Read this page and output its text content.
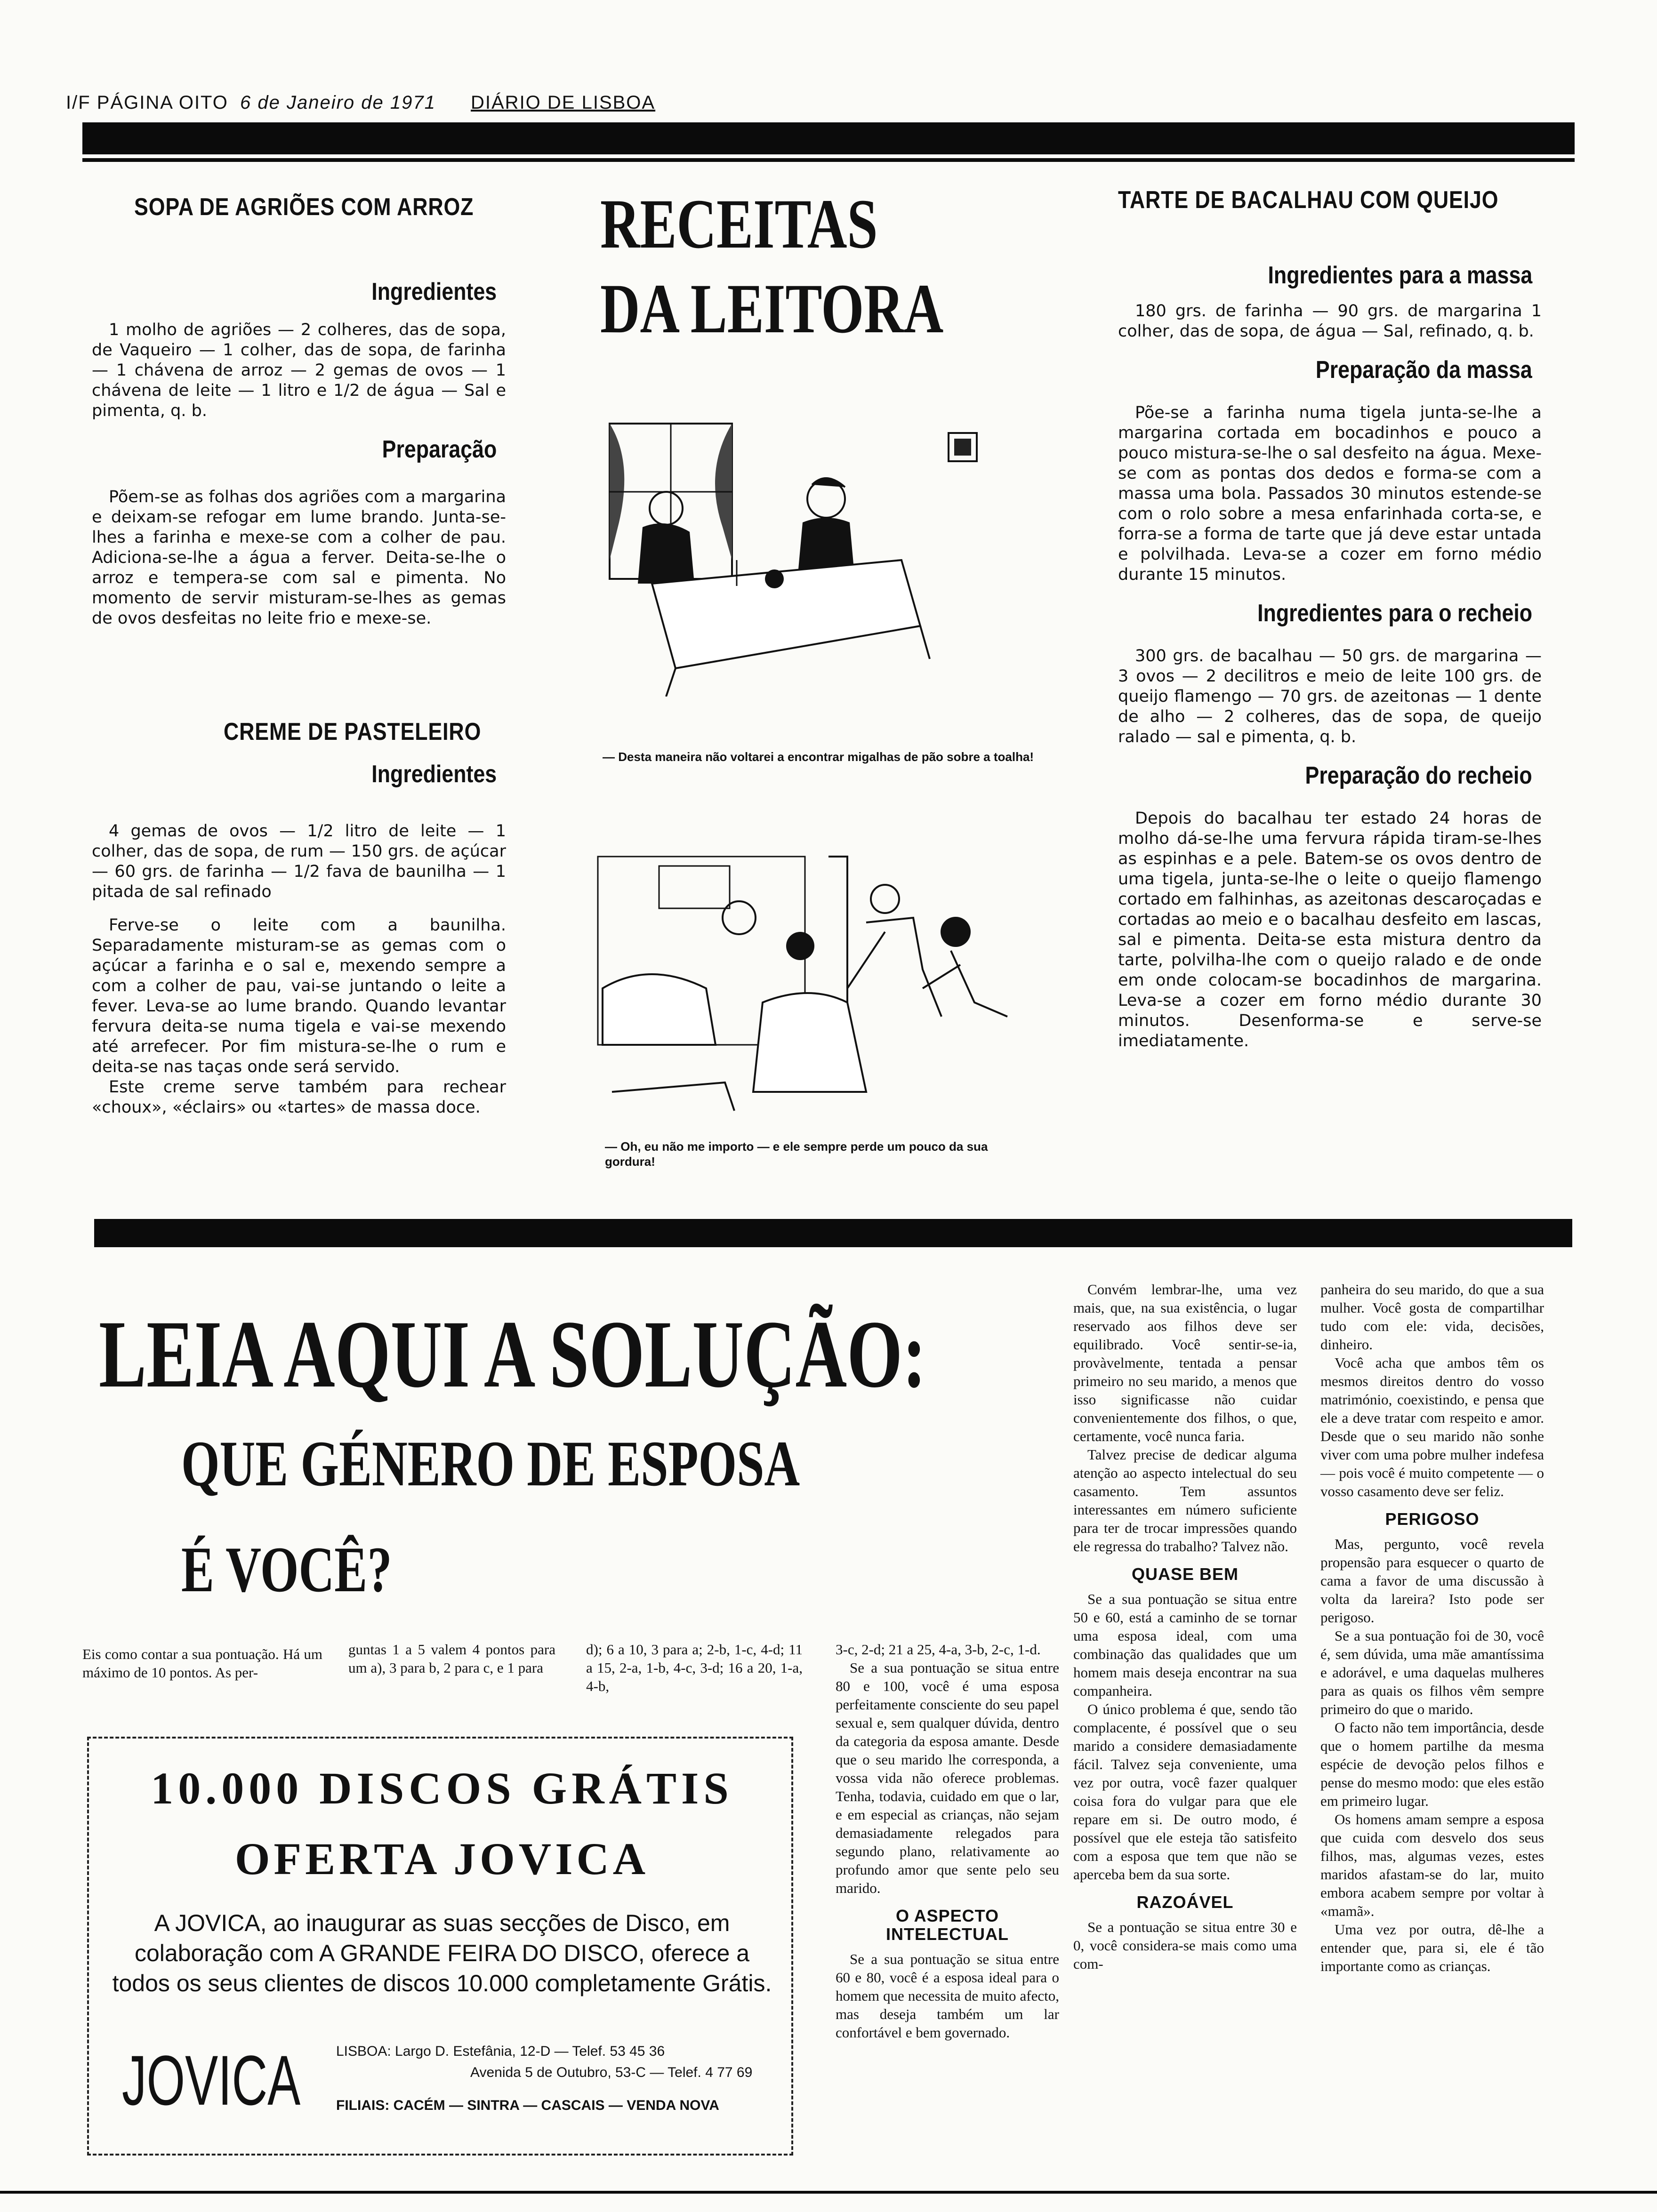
I/F PÁGINA OITO 6 de Janeiro de 1971 DIÁRIO DE LISBOA
SOPA DE AGRIÕES COM ARROZ
Ingredientes

1 molho de agriões — 2 colheres, das de sopa, de Vaqueiro — 1 colher, das de sopa, de farinha — 1 chávena de arroz — 2 gemas de ovos — 1 chávena de leite — 1 litro e 1/2 de água — Sal e pimenta, q. b.

Preparação

Põem-se as folhas dos agriões com a margarina e deixam-se refogar em lume brando. Junta-se-lhes a farinha e mexe-se com a colher de pau. Adiciona-se-lhe a água a ferver. Deita-se-lhe o arroz e tempera-se com sal e pimenta. No momento de servir misturam-se-lhes as gemas de ovos desfeitas no leite frio e mexe-se.

CREME DE PASTELEIRO
Ingredientes

4 gemas de ovos — 1/2 litro de leite — 1 colher, das de sopa, de rum — 150 grs. de açúcar — 60 grs. de farinha — 1/2 fava de baunilha — 1 pitada de sal refinado

Ferve-se o leite com a baunilha. Separadamente misturam-se as gemas com o açúcar a farinha e o sal e, mexendo sempre a com a colher de pau, vai-se juntando o leite a fever. Leva-se ao lume brando. Quando levantar fervura deita-se numa tigela e vai-se mexendo até arrefecer. Por fim mistura-se-lhe o rum e deita-se nas taças onde será servido.

Este creme serve também para rechear «choux», «éclairs» ou «tartes» de massa doce.

RECEITAS
DA LEITORA
— Desta maneira não voltarei a encontrar migalhas de pão sobre a toalha!
— Oh, eu não me importo — e ele sempre perde um pouco da sua gordura!
TARTE DE BACALHAU COM QUEIJO
Ingredientes para a massa

180 grs. de farinha — 90 grs. de margarina 1 colher, das de sopa, de água — Sal, refinado, q. b.

Preparação da massa

Põe-se a farinha numa tigela junta-se-lhe a margarina cortada em bocadinhos e pouco a pouco mistura-se-lhe o sal desfeito na água. Mexe-se com as pontas dos dedos e forma-se com a massa uma bola. Passados 30 minutos estende-se com o rolo sobre a mesa enfarinhada corta-se, e forra-se a forma de tarte que já deve estar untada e polvilhada. Leva-se a cozer em forno médio durante 15 minutos.

Ingredientes para o recheio

300 grs. de bacalhau — 50 grs. de margarina — 3 ovos — 2 decilitros e meio de leite 100 grs. de queijo flamengo — 70 grs. de azeitonas — 1 dente de alho — 2 colheres, das de sopa, de queijo ralado — sal e pimenta, q. b.

Preparação do recheio

Depois do bacalhau ter estado 24 horas de molho dá-se-lhe uma fervura rápida tiram-se-lhes as espinhas e a pele. Batem-se os ovos dentro de uma tigela, junta-se-lhe o leite o queijo flamengo cortado em falhinhas, as azeitonas descaroçadas e cortadas ao meio e o bacalhau desfeito em lascas, sal e pimenta. Deita-se esta mistura dentro da tarte, polvilha-lhe com o queijo ralado e de onde em onde colocam-se bocadinhos de margarina. Leva-se a cozer em forno médio durante 30 minutos. Desenforma-se e serve-se imediatamente.

LEIA AQUI A SOLUÇÃO:
QUE GÉNERO DE ESPOSA
É VOCÊ?
Eis como contar a sua pontuação. Há um máximo de 10 pontos. As per-
guntas 1 a 5 valem 4 pontos para um a), 3 para b, 2 para c, e 1 para
d); 6 a 10, 3 para a; 2-b, 1-c, 4-d; 11 a 15, 2-a, 1-b, 4-c, 3-d; 16 a 20, 1-a, 4-b,

3-c, 2-d; 21 a 25, 4-a, 3-b, 2-c, 1-d.

Se a sua pontuação se situa entre 80 e 100, você é uma esposa perfeitamente consciente do seu papel sexual e, sem qualquer dúvida, dentro da categoria da esposa amante. Desde que o seu marido lhe corresponda, a vossa vida não oferece problemas. Tenha, todavia, cuidado em que o lar, e em especial as crianças, não sejam demasiadamente relegados para segundo plano, relativamente ao profundo amor que sente pelo seu marido.

O ASPECTO INTELECTUAL

Se a sua pontuação se situa entre 60 e 80, você é a esposa ideal para o homem que necessita de muito afecto, mas deseja também um lar confortável e bem governado.

Convém lembrar-lhe, uma vez mais, que, na sua existência, o lugar reservado aos filhos deve ser equilibrado. Você sentir-se-ia, provàvelmente, tentada a pensar primeiro no seu marido, a menos que isso significasse não cuidar convenientemente dos filhos, o que, certamente, você nunca faria.

Talvez precise de dedicar alguma atenção ao aspecto intelectual do seu casamento. Tem assuntos interessantes em número suficiente para ter de trocar impressões quando ele regressa do trabalho? Talvez não.

QUASE BEM

Se a sua pontuação se situa entre 50 e 60, está a caminho de se tornar uma esposa ideal, com uma combinação das qualidades que um homem mais deseja encontrar na sua companheira.

O único problema é que, sendo tão complacente, é possível que o seu marido a considere demasiadamente fácil. Talvez seja conveniente, uma vez por outra, você fazer qualquer coisa fora do vulgar para que ele repare em si. De outro modo, é possível que ele esteja tão satisfeito com a esposa que tem que não se aperceba bem da sua sorte.

RAZOÁVEL

Se a pontuação se situa entre 30 e 0, você considera-se mais como uma com-

panheira do seu marido, do que a sua mulher. Você gosta de compartilhar tudo com ele: vida, decisões, dinheiro.

Você acha que ambos têm os mesmos direitos dentro do vosso matrimónio, coexistindo, e pensa que ele a deve tratar com respeito e amor. Desde que o seu marido não sonhe viver com uma pobre mulher indefesa — pois você é muito competente — o vosso casamento deve ser feliz.

PERIGOSO

Mas, pergunto, você revela propensão para esquecer o quarto de cama a favor de uma discussão à volta da lareira? Isto pode ser perigoso.

Se a sua pontuação foi de 30, você é, sem dúvida, uma mãe amantíssima e adorável, e uma daquelas mulheres para as quais os filhos vêm sempre primeiro do que o marido.

O facto não tem importância, desde que o homem partilhe da mesma espécie de devoção pelos filhos e pense do mesmo modo: que eles estão em primeiro lugar.

Os homens amam sempre a esposa que cuida com desvelo dos seus filhos, mas, algumas vezes, estes maridos afastam-se do lar, muito embora acabem sempre por voltar à «mamã».

Uma vez por outra, dê-lhe a entender que, para si, ele é tão importante como as crianças.

10.000 DISCOS GRÁTIS
OFERTA JOVICA
A JOVICA, ao inaugurar as suas secções de Disco, em colaboração com A GRANDE FEIRA DO DISCO, oferece a todos os seus clientes de discos 10.000 completamente Grátis.
JOVICA	LISBOA: Largo D. Estefânia, 12-D — Telef. 53 45 36
Avenida 5 de Outubro, 53-C — Telef. 4 77 69
FILIAIS: CACÉM — SINTRA — CASCAIS — VENDA NOVA
